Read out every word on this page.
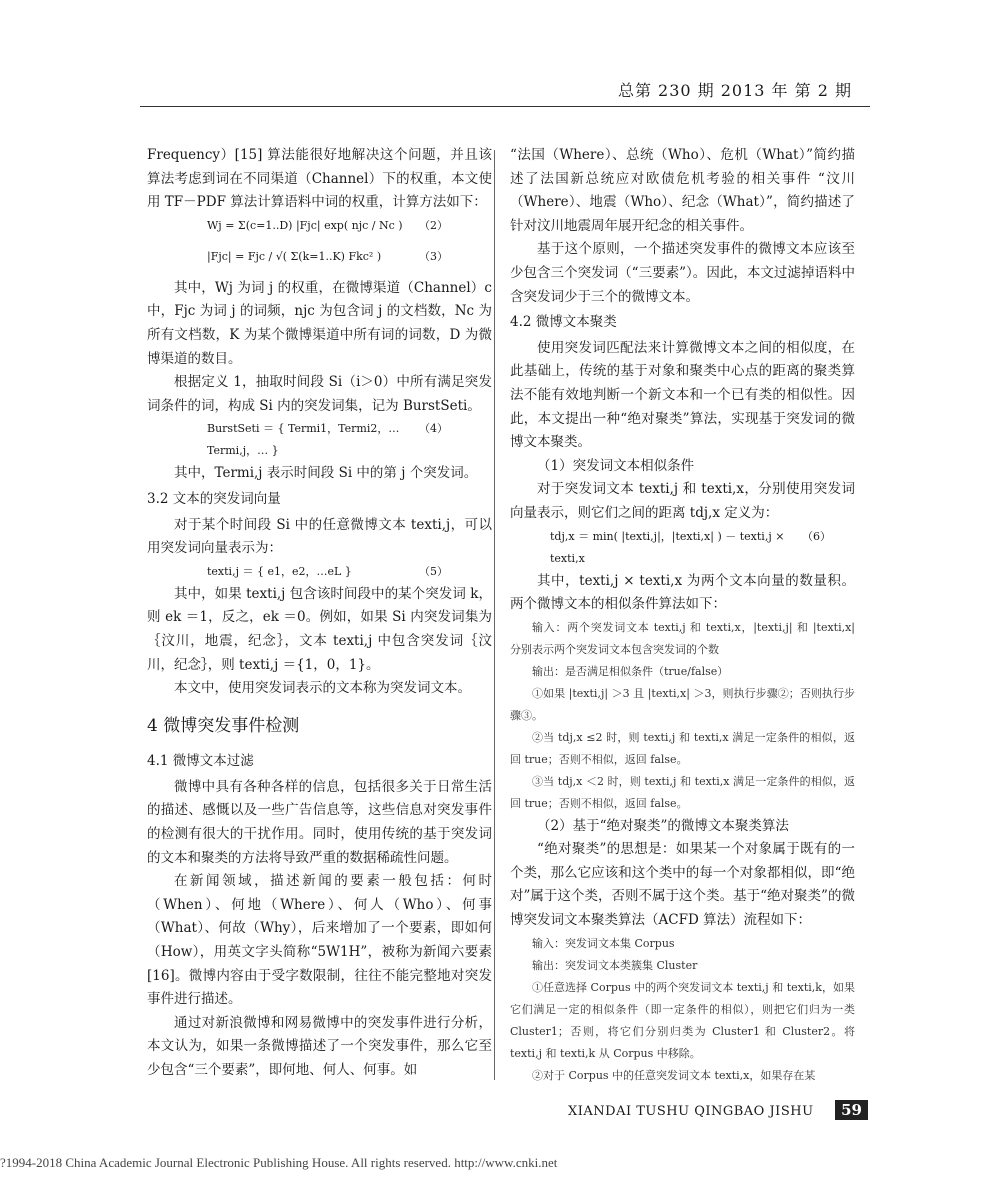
总第 230 期 2013 年 第 2 期

Frequency）[15] 算法能很好地解决这个问题，并且该算法考虑到词在不同渠道（Channel）下的权重，本文使用 TF－PDF 算法计算语料中词的权重，计算方法如下：

Wj = Σ(c=1..D) |Fjc| exp( njc / Nc ) （2）
|Fjc| = Fjc / √( Σ(k=1..K) Fkc² )	（3）

其中，Wj 为词 j 的权重，在微博渠道（Channel）c 中，Fjc 为词 j 的词频，njc 为包含词 j 的文档数，Nc 为所有文档数，K 为某个微博渠道中所有词的词数，D 为微博渠道的数目。

根据定义 1，抽取时间段 Si（i＞0）中所有满足突发词条件的词，构成 Si 内的突发词集，记为 BurstSeti。

BurstSeti ＝ { Termi1，Termi2，…Termi,j，… }
（4）

其中，Termi,j 表示时间段 Si 中的第 j 个突发词。

3.2 文本的突发词向量

对于某个时间段 Si 中的任意微博文本 texti,j，可以用突发词向量表示为：

texti,j ＝ { e1，e2，…eL }	（5）

其中，如果 texti,j 包含该时间段中的某个突发词 k，则 ek ＝1，反之，ek ＝0。例如，如果 Si 内突发词集为｛汶川，地震，纪念｝，文本 texti,j 中包含突发词｛汶川，纪念｝，则 texti,j ＝{1，0，1}。

本文中，使用突发词表示的文本称为突发词文本。

4 微博突发事件检测

4.1 微博文本过滤

微博中具有各种各样的信息，包括很多关于日常生活的描述、感慨以及一些广告信息等，这些信息对突发事件的检测有很大的干扰作用。同时，使用传统的基于突发词的文本和聚类的方法将导致严重的数据稀疏性问题。

在新闻领域，描述新闻的要素一般包括：何时（When）、何地（Where）、何人（Who）、何事（What）、何故（Why），后来增加了一个要素，即如何（How），用英文字头简称“5W1H”，被称为新闻六要素[16]。微博内容由于受字数限制，往往不能完整地对突发事件进行描述。

通过对新浪微博和网易微博中的突发事件进行分析，本文认为，如果一条微博描述了一个突发事件，那么它至少包含“三个要素”，即何地、何人、何事。如

“法国（Where）、总统（Who）、危机（What）”简约描述了法国新总统应对欧债危机考验的相关事件 “汶川（Where）、地震（Who）、纪念（What）”，简约描述了针对汶川地震周年展开纪念的相关事件。

基于这个原则，一个描述突发事件的微博文本应该至少包含三个突发词（“三要素”）。因此，本文过滤掉语料中含突发词少于三个的微博文本。

4.2 微博文本聚类

使用突发词匹配法来计算微博文本之间的相似度，在此基础上，传统的基于对象和聚类中心点的距离的聚类算法不能有效地判断一个新文本和一个已有类的相似性。因此，本文提出一种“绝对聚类”算法，实现基于突发词的微博文本聚类。

（1）突发词文本相似条件

对于突发词文本 texti,j 和 texti,x，分别使用突发词向量表示，则它们之间的距离 tdj,x 定义为：

tdj,x ＝ min( |texti,j|，|texti,x| ) － texti,j × texti,x
（6）

其中，texti,j × texti,x 为两个文本向量的数量积。两个微博文本的相似条件算法如下：

输入：两个突发词文本 texti,j 和 texti,x，|texti,j| 和 |texti,x| 分别表示两个突发词文本包含突发词的个数

输出：是否满足相似条件（true/false）

①如果 |texti,j| ＞3 且 |texti,x| ＞3，则执行步骤②；否则执行步骤③。

②当 tdj,x ≤2 时，则 texti,j 和 texti,x 满足一定条件的相似，返回 true；否则不相似，返回 false。

③当 tdj,x ＜2 时，则 texti,j 和 texti,x 满足一定条件的相似，返回 true；否则不相似，返回 false。

（2）基于“绝对聚类”的微博文本聚类算法

“绝对聚类”的思想是：如果某一个对象属于既有的一个类，那么它应该和这个类中的每一个对象都相似，即“绝对”属于这个类，否则不属于这个类。基于“绝对聚类”的微博突发词文本聚类算法（ACFD 算法）流程如下：

输入：突发词文本集 Corpus

输出：突发词文本类簇集 Cluster

①任意选择 Corpus 中的两个突发词文本 texti,j 和 texti,k，如果它们满足一定的相似条件（即一定条件的相似），则把它们归为一类 Cluster1；否则，将它们分别归类为 Cluster1 和 Cluster2。将 texti,j 和 texti,k 从 Corpus 中移除。

②对于 Corpus 中的任意突发词文本 texti,x，如果存在某

XIANDAI TUSHU QINGBAO JISHU	59
?1994-2018 China Academic Journal Electronic Publishing House. All rights reserved. http://www.cnki.net
